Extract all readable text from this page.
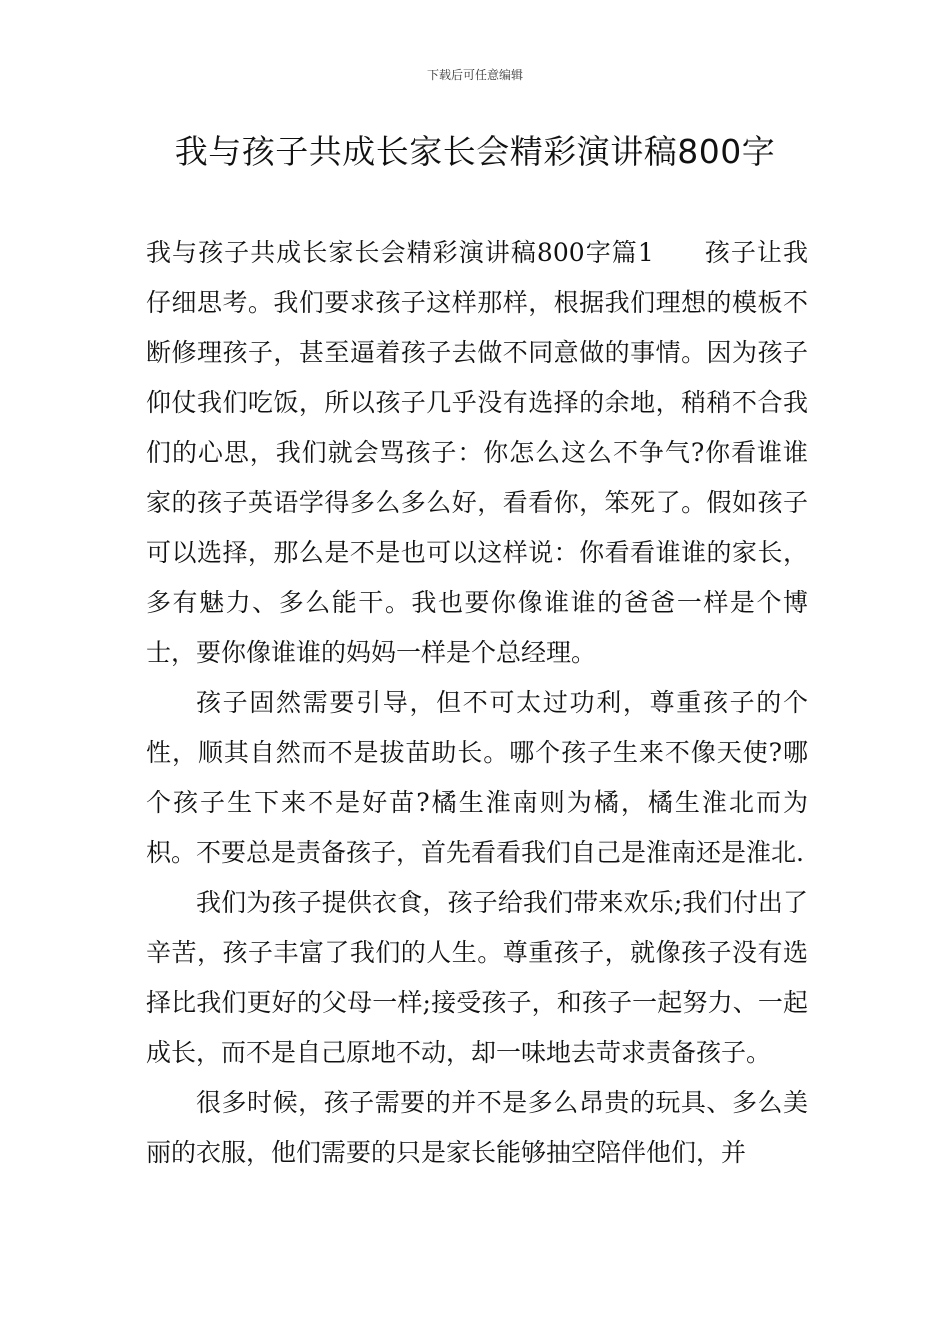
下载后可任意编辑
我与孩子共成长家长会精彩演讲稿800字

我与孩子共成长家长会精彩演讲稿800字篇1 孩子让我仔细思考。我们要求孩子这样那样，根据我们理想的模板不断修理孩子，甚至逼着孩子去做不同意做的事情。因为孩子仰仗我们吃饭，所以孩子几乎没有选择的余地，稍稍不合我们的心思，我们就会骂孩子：你怎么这么不争气?你看谁谁家的孩子英语学得多么多么好，看看你，笨死了。假如孩子可以选择，那么是不是也可以这样说：你看看谁谁的家长，多有魅力、多么能干。我也要你像谁谁的爸爸一样是个博士，要你像谁谁的妈妈一样是个总经理。

孩子固然需要引导，但不可太过功利，尊重孩子的个性，顺其自然而不是拔苗助长。哪个孩子生来不像天使?哪个孩子生下来不是好苗?橘生淮南则为橘，橘生淮北而为枳。不要总是责备孩子，首先看看我们自己是淮南还是淮北.

我们为孩子提供衣食，孩子给我们带来欢乐;我们付出了辛苦，孩子丰富了我们的人生。尊重孩子，就像孩子没有选择比我们更好的父母一样;接受孩子，和孩子一起努力、一起成长，而不是自己原地不动，却一味地去苛求责备孩子。

很多时候，孩子需要的并不是多么昂贵的玩具、多么美丽的衣服，他们需要的只是家长能够抽空陪伴他们，并
